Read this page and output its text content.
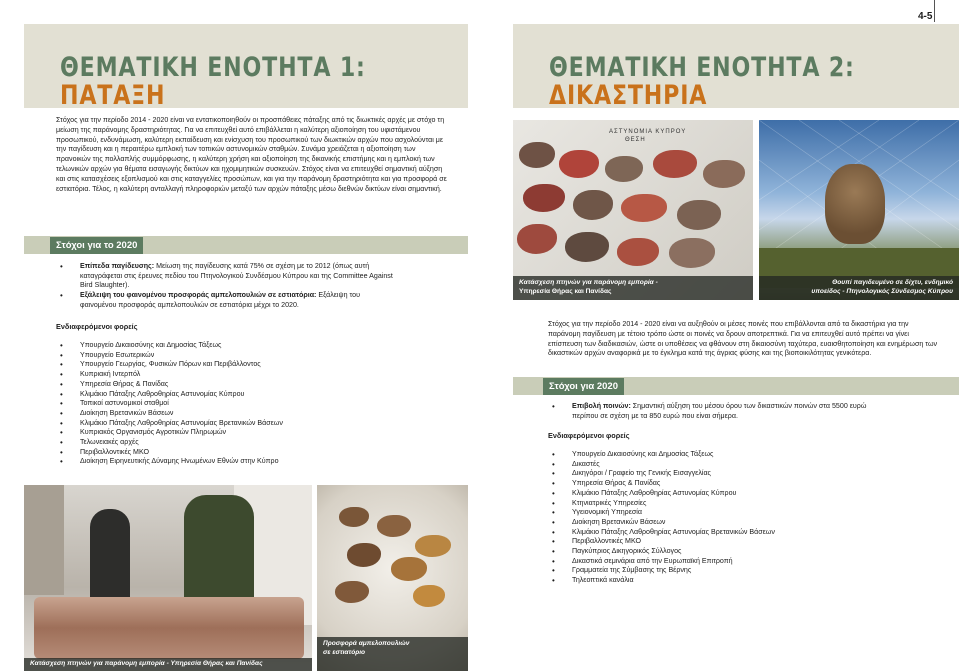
4-5
ΘΕΜΑΤΙΚΗ ΕΝΟΤΗΤΑ 1:
ΠΑΤΑΞΗ

Στόχος για την περίοδο 2014 - 2020 είναι να εντατικοποιηθούν οι προσπάθειες πάταξης από τις διωκτικές αρχές με στόχο τη μείωση της παράνομης δραστηριότητας. Για να επιτευχθεί αυτό επιβάλλεται η καλύτερη αξιοποίηση του υφιστάμενου προσωπικού, ενδυνάμωση, καλύτερη εκπαίδευση και ενίσχυση του προσωπικού των διωκτικών αρχών που ασχολούνται με την παγίδευση και η περαιτέρω εμπλοκή των τοπικών αστυνομικών σταθμών. Συνάμα χρειάζεται η αξιοποίηση των πρανοικών της πολλαπλής συμμόρφωσης, η καλύτερη χρήση και αξιοποίηση της δικανικής επιστήμης και η εμπλοκή των τελωνικών αρχών για θέματα εισαγωγής δικτύων και ηχομιμητικών συσκευών. Στόχος είναι να επιτευχθεί σημαντική αύξηση και στις κατασχέσεις εξοπλισμού και στις καταγγελίες προσώπων, και για την παράνομη δραστηριότητα και για προσφορά σε εστιατόρια. Τέλος, η καλύτερη ανταλλαγή πληροφοριών μεταξύ των αρχών πάταξης μέσω διεθνών δικτύων είναι σημαντική.

Στόχοι για το 2020
• Επίπεδα παγίδευσης: Μείωση της παγίδευσης κατά 75% σε σχέση με το 2012 (όπως αυτή καταγράφεται στις έρευνες πεδίου του Πτηνολογικού Συνδέσμου Κύπρου και της Committee Against Bird Slaughter).
• Εξάλειψη του φαινομένου προσφοράς αμπελοπουλιών σε εστιατόρια: Εξάλειψη του φαινομένου προσφοράς αμπελοπουλιών σε εστιατόρια μέχρι το 2020.
Ενδιαφερόμενοι φορείς
• Υπουργείο Δικαιοσύνης και Δημοσίας Τάξεως
• Υπουργείο Εσωτερικών
• Υπουργείο Γεωργίας, Φυσικών Πόρων και Περιβάλλοντος
• Κυπριακή Ιντερπόλ
• Υπηρεσία Θήρας & Πανίδας
• Κλιμάκιο Πάταξης Λαθροθηρίας Αστυνομίας Κύπρου
• Τοπικοί αστυνομικοί σταθμοί
• Διοίκηση Βρετανικών Βάσεων
• Κλιμάκιο Πάταξης Λαθροθηρίας Αστυνομίας Βρετανικών Βάσεων
• Κυπριακός Οργανισμός Αγροτικών Πληρωμών
• Τελωνειακές αρχές
• Περιβαλλοντικές ΜΚΟ
• Διοίκηση Ειρηνευτικής Δύναμης Ηνωμένων Εθνών στην Κύπρο
Κατάσχεση πτηνών για παράνομη εμπορία - Υπηρεσία Θήρας και Πανίδας
Προσφορά αμπελοπουλιών
σε εστιατόριο
ΘΕΜΑΤΙΚΗ ΕΝΟΤΗΤΑ 2:
ΔΙΚΑΣΤΗΡΙΑ
ΑΣΤΥΝΟΜΙΑ ΚΥΠΡΟΥ
ΘΕΣΗ
Κατάσχεση πτηνών για παράνομη εμπορία -
Υπηρεσία Θήρας και Πανίδας
Θουπί παγιδευμένο σε δίχτυ, ενδημικό
υποείδος - Πτηνολογικός Σύνδεσμος Κύπρου

Στόχος για την περίοδο 2014 - 2020 είναι να αυξηθούν οι μέσες ποινές που επιβάλλονται από τα δικαστήρια για την παράνομη παγίδευση με τέτοιο τρόπο ώστε οι ποινές να δρουν αποτρεπτικά. Για να επιτευχθεί αυτό πρέπει να γίνει επίσπευση των διαδικασιών, ώστε οι υποθέσεις να φθάνουν στη δικαιοσύνη ταχύτερα, ευαισθητοποίηση και ενημέρωση των δικαστικών αρχών αναφορικά με το έγκλημα κατά της άγριας φύσης και της βιοποικιλότητας γενικότερα.

Στόχοι για 2020
• Επιβολή ποινών: Σημαντική αύξηση του μέσου όρου των δικαστικών ποινών στα 5500 ευρώ περίπου σε σχέση με τα 850 ευρώ που είναι σήμερα.
Ενδιαφερόμενοι φορείς
• Υπουργείο Δικαιοσύνης και Δημοσίας Τάξεως
• Δικαστές
• Δικηγόροι / Γραφείο της Γενικής Εισαγγελίας
• Υπηρεσία Θήρας & Πανίδας
• Κλιμάκιο Πάταξης Λαθροθηρίας Αστυνομίας Κύπρου
• Κτηνιατρικές Υπηρεσίες
• Υγειονομική Υπηρεσία
• Διοίκηση Βρετανικών Βάσεων
• Κλιμάκιο Πάταξης Λαθροθηρίας Αστυνομίας Βρετανικών Βάσεων
• Περιβαλλοντικές ΜΚΟ
• Παγκύπριος Δικηγορικός Σύλλογος
• Δικαστικά σεμινάρια από την Ευρωπαϊκή Επιτροπή
• Γραμματεία της Σύμβασης της Βέρνης
• Τηλεοπτικά κανάλια
